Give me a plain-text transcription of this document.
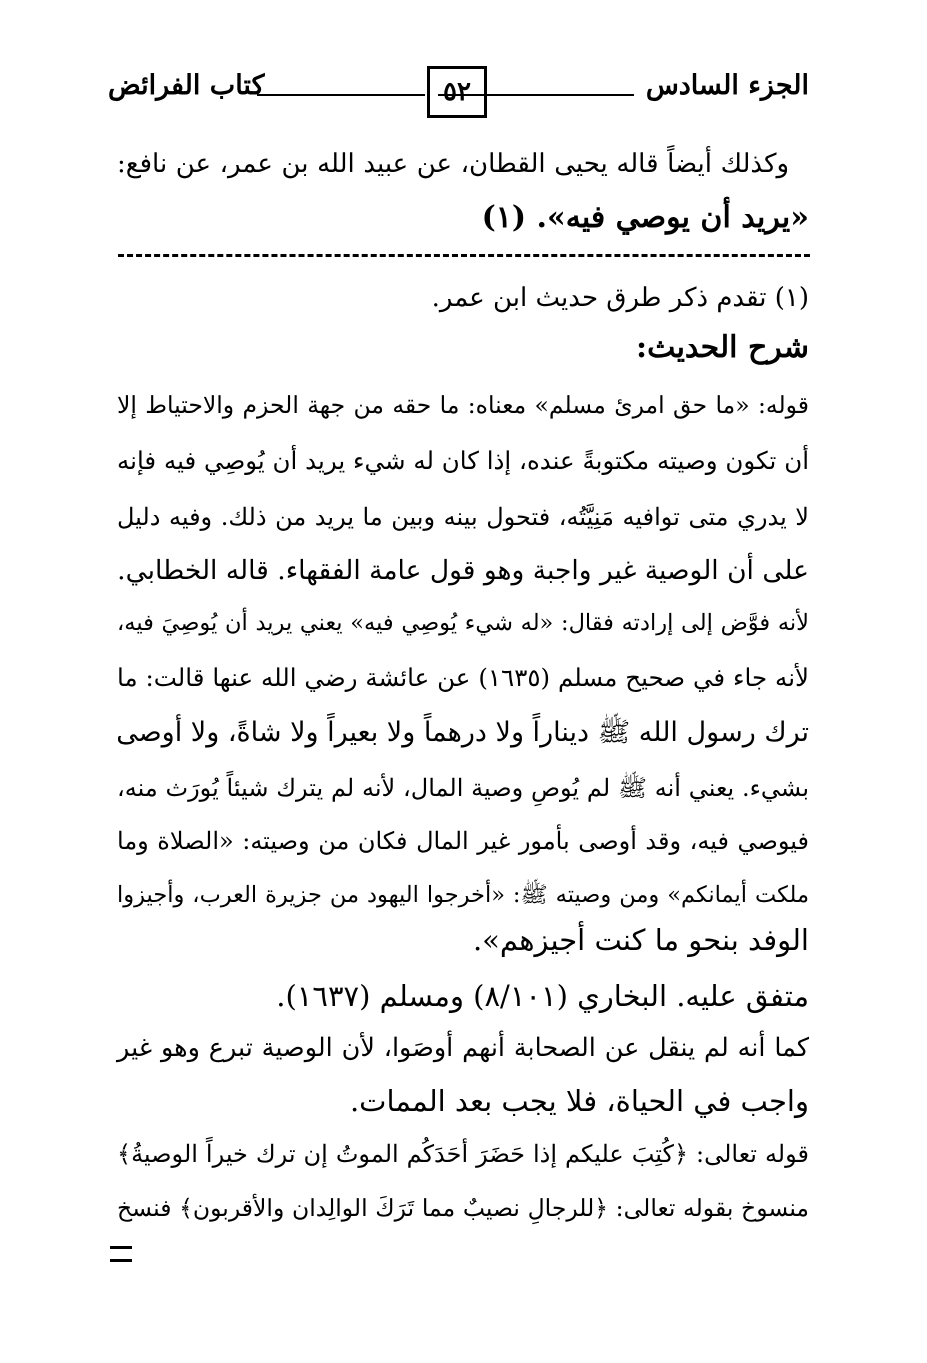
الجزء السادس
٥٢
كتاب الفرائض
وكذلك أيضاً قاله يحيى القطان، عن عبيد الله بن عمر، عن نافع:
«يريد أن يوصي فيه». (١)
(١) تقدم ذكر طرق حديث ابن عمر.
شرح الحديث:
قوله: «ما حق امرئ مسلم» معناه: ما حقه من جهة الحزم والاحتياط إلا
أن تكون وصيته مكتوبةً عنده، إذا كان له شيء يريد أن يُوصِي فيه فإنه
لا يدري متى توافيه مَنِيَّتُه، فتحول بينه وبين ما يريد من ذلك. وفيه دليل
على أن الوصية غير واجبة وهو قول عامة الفقهاء. قاله الخطابي.
لأنه فوَّض إلى إرادته فقال: «له شيء يُوصِي فيه» يعني يريد أن يُوصِيَ فيه،
لأنه جاء في صحيح مسلم (١٦٣٥) عن عائشة رضي الله عنها قالت: ما
ترك رسول الله ﷺ ديناراً ولا درهماً ولا بعيراً ولا شاةً، ولا أوصى
بشيء. يعني أنه ﷺ لم يُوصِ وصية المال، لأنه لم يترك شيئاً يُورَث منه،
فيوصي فيه، وقد أوصى بأمور غير المال فكان من وصيته: «الصلاة وما
ملكت أيمانكم» ومن وصيته ﷺ: «أخرجوا اليهود من جزيرة العرب، وأجيزوا
الوفد بنحو ما كنت أجيزهم».
متفق عليه. البخاري (٨/١٠١) ومسلم (١٦٣٧).
كما أنه لم ينقل عن الصحابة أنهم أوصَوا، لأن الوصية تبرع وهو غير
واجب في الحياة، فلا يجب بعد الممات.
قوله تعالى: ﴿كُتِبَ عليكم إذا حَضَرَ أحَدَكُم الموتُ إن ترك خيراً الوصيةُ﴾
منسوخ بقوله تعالى: ﴿للرجالِ نصيبٌ مما تَرَكَ الوالِدان والأقربون﴾ فنسخ
